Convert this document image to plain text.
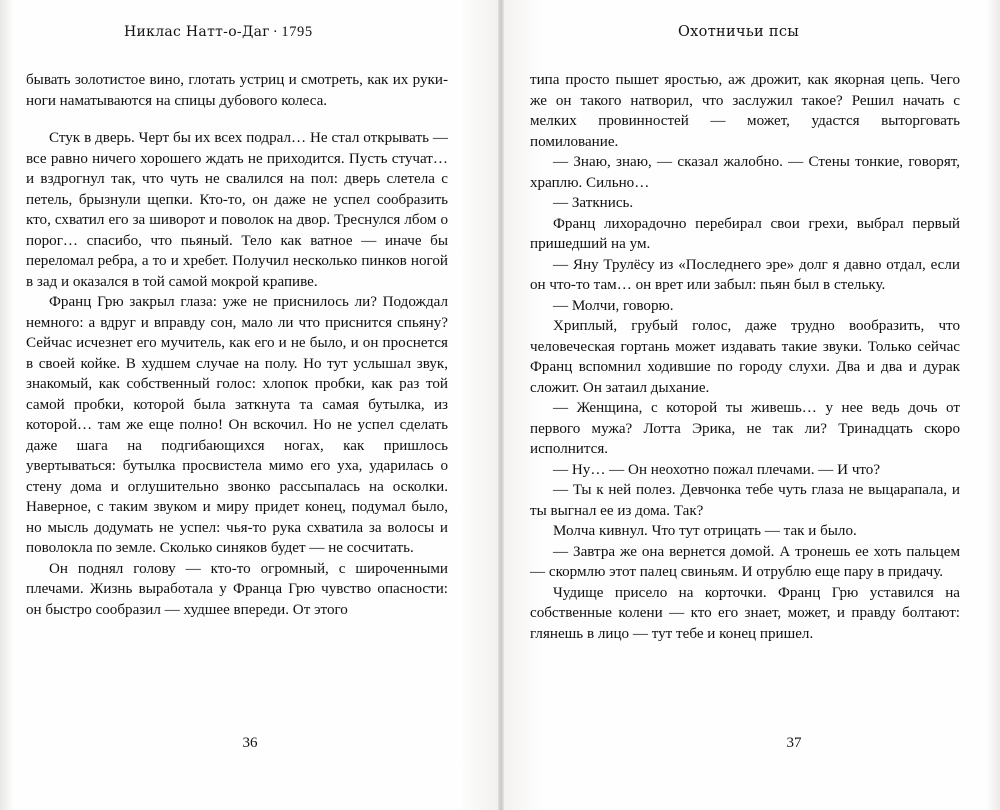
Никлас Натт-о-Даг · 1795

бывать золотистое вино, глотать устриц и смотреть, как их руки-ноги наматываются на спицы дубового колеса.

Стук в дверь. Черт бы их всех подрал… Не стал открывать — все равно ничего хорошего ждать не приходится. Пусть стучат… и вздрогнул так, что чуть не свалился на пол: дверь слетела с петель, брызнули щепки. Кто-то, он даже не успел сообразить кто, схватил его за шиворот и поволок на двор. Треснулся лбом о порог… спасибо, что пьяный. Тело как ватное — иначе бы переломал ребра, а то и хребет. Получил несколько пинков ногой в зад и оказался в той самой мокрой крапиве.

Франц Грю закрыл глаза: уже не приснилось ли? Подождал немного: а вдруг и вправду сон, мало ли что приснится спьяну? Сейчас исчезнет его мучитель, как его и не было, и он проснется в своей койке. В худшем случае на полу. Но тут услышал звук, знакомый, как собственный голос: хлопок пробки, как раз той самой пробки, которой была заткнута та самая бутылка, из которой… там же еще полно! Он вскочил. Но не успел сделать даже шага на подгибающихся ногах, как пришлось увертываться: бутылка просвистела мимо его уха, ударилась о стену дома и оглушительно звонко рассыпалась на осколки. Наверное, с таким звуком и миру придет конец, подумал было, но мысль додумать не успел: чья-то рука схватила за волосы и поволокла по земле. Сколько синяков будет — не сосчитать.

Он поднял голову — кто-то огромный, с широченными плечами. Жизнь выработала у Франца Грю чувство опасности: он быстро сообразил — худшее впереди. От этого

36
Охотничьи псы

типа просто пышет яростью, аж дрожит, как якорная цепь. Чего же он такого натворил, что заслужил такое? Решил начать с мелких провинностей — может, удастся выторговать помилование.

— Знаю, знаю, — сказал жалобно. — Стены тонкие, говорят, храплю. Сильно…

— Заткнись.

Франц лихорадочно перебирал свои грехи, выбрал первый пришедший на ум.

— Яну Трулёсу из «Последнего эре» долг я давно отдал, если он что-то там… он врет или забыл: пьян был в стельку.

— Молчи, говорю.

Хриплый, грубый голос, даже трудно вообразить, что человеческая гортань может издавать такие звуки. Только сейчас Франц вспомнил ходившие по городу слухи. Два и два и дурак сложит. Он затаил дыхание.

— Женщина, с которой ты живешь… у нее ведь дочь от первого мужа? Лотта Эрика, не так ли? Тринадцать скоро исполнится.

— Ну… — Он неохотно пожал плечами. — И что?

— Ты к ней полез. Девчонка тебе чуть глаза не выцарапала, и ты выгнал ее из дома. Так?

Молча кивнул. Что тут отрицать — так и было.

— Завтра же она вернется домой. А тронешь ее хоть пальцем — скормлю этот палец свиньям. И отрублю еще пару в придачу.

Чудище присело на корточки. Франц Грю уставился на собственные колени — кто его знает, может, и правду болтают: глянешь в лицо — тут тебе и конец пришел.

37
